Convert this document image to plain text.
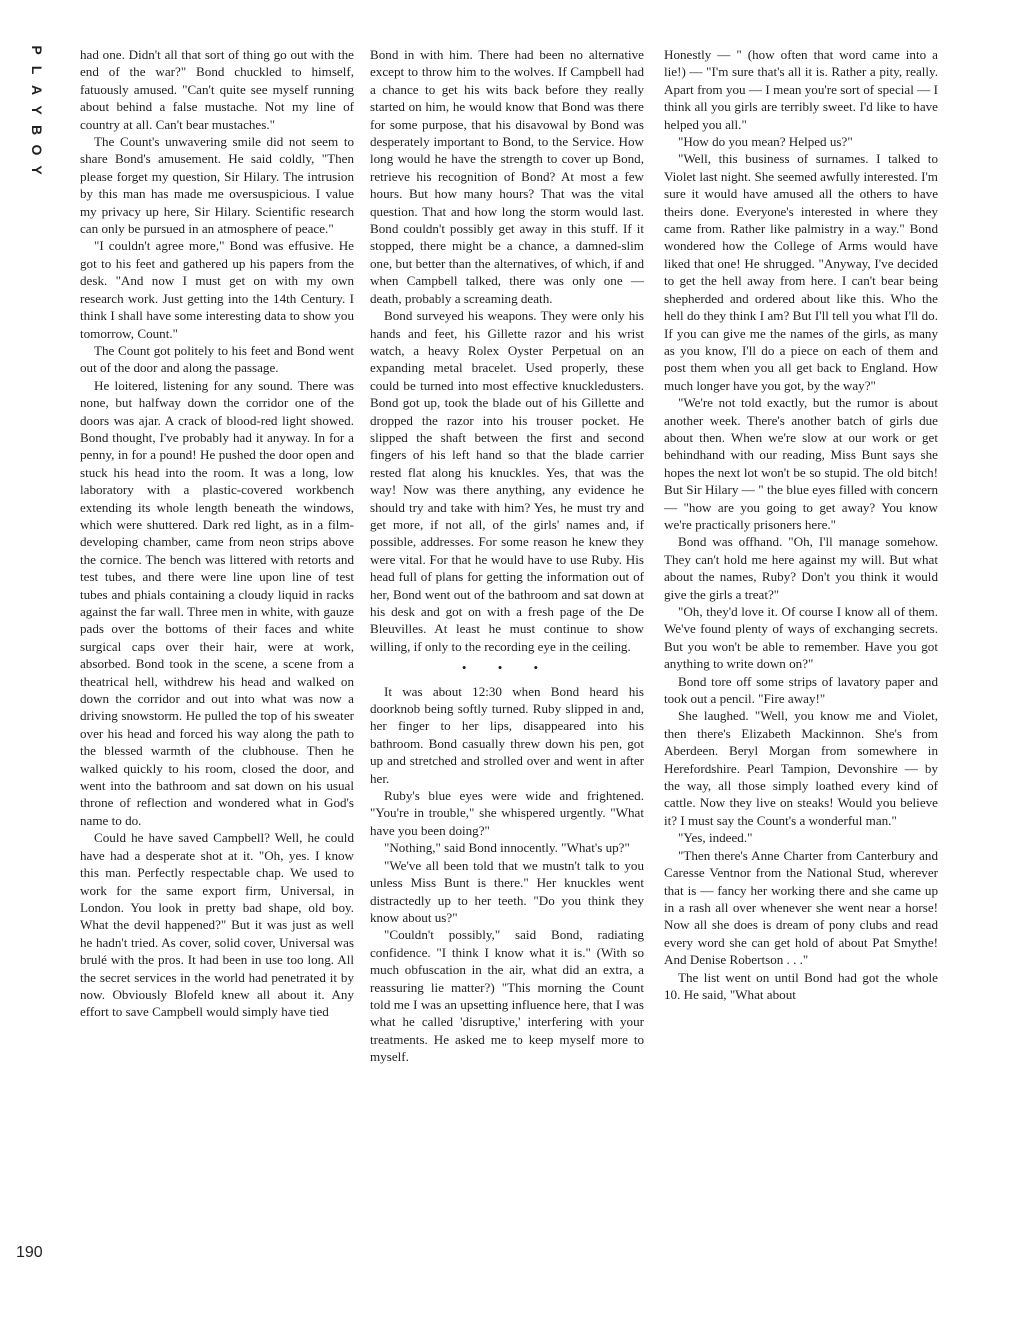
P
L
A
Y
B
O
Y
190

had one. Didn't all that sort of thing go out with the end of the war?" Bond chuckled to himself, fatuously amused. "Can't quite see myself running about behind a false mustache. Not my line of country at all. Can't bear mustaches."

The Count's unwavering smile did not seem to share Bond's amusement. He said coldly, "Then please forget my question, Sir Hilary. The intrusion by this man has made me oversuspicious. I value my privacy up here, Sir Hilary. Scientific research can only be pursued in an atmosphere of peace."

"I couldn't agree more," Bond was effusive. He got to his feet and gathered up his papers from the desk. "And now I must get on with my own research work. Just getting into the 14th Century. I think I shall have some interesting data to show you tomorrow, Count."

The Count got politely to his feet and Bond went out of the door and along the passage.

He loitered, listening for any sound. There was none, but halfway down the corridor one of the doors was ajar. A crack of blood-red light showed. Bond thought, I've probably had it anyway. In for a penny, in for a pound! He pushed the door open and stuck his head into the room. It was a long, low laboratory with a plastic-covered workbench extending its whole length beneath the windows, which were shuttered. Dark red light, as in a film-developing chamber, came from neon strips above the cornice. The bench was littered with retorts and test tubes, and there were line upon line of test tubes and phials containing a cloudy liquid in racks against the far wall. Three men in white, with gauze pads over the bottoms of their faces and white surgical caps over their hair, were at work, absorbed. Bond took in the scene, a scene from a theatrical hell, withdrew his head and walked on down the corridor and out into what was now a driving snowstorm. He pulled the top of his sweater over his head and forced his way along the path to the blessed warmth of the clubhouse. Then he walked quickly to his room, closed the door, and went into the bathroom and sat down on his usual throne of reflection and wondered what in God's name to do.

Could he have saved Campbell? Well, he could have had a desperate shot at it. "Oh, yes. I know this man. Perfectly respectable chap. We used to work for the same export firm, Universal, in London. You look in pretty bad shape, old boy. What the devil happened?" But it was just as well he hadn't tried. As cover, solid cover, Universal was brulé with the pros. It had been in use too long. All the secret services in the world had penetrated it by now. Obviously Blofeld knew all about it. Any effort to save Campbell would simply have tied

Bond in with him. There had been no alternative except to throw him to the wolves. If Campbell had a chance to get his wits back before they really started on him, he would know that Bond was there for some purpose, that his disavowal by Bond was desperately important to Bond, to the Service. How long would he have the strength to cover up Bond, retrieve his recognition of Bond? At most a few hours. But how many hours? That was the vital question. That and how long the storm would last. Bond couldn't possibly get away in this stuff. If it stopped, there might be a chance, a damned-slim one, but better than the alternatives, of which, if and when Campbell talked, there was only one — death, probably a screaming death.

Bond surveyed his weapons. They were only his hands and feet, his Gillette razor and his wrist watch, a heavy Rolex Oyster Perpetual on an expanding metal bracelet. Used properly, these could be turned into most effective knuckledusters. Bond got up, took the blade out of his Gillette and dropped the razor into his trouser pocket. He slipped the shaft between the first and second fingers of his left hand so that the blade carrier rested flat along his knuckles. Yes, that was the way! Now was there anything, any evidence he should try and take with him? Yes, he must try and get more, if not all, of the girls' names and, if possible, addresses. For some reason he knew they were vital. For that he would have to use Ruby. His head full of plans for getting the information out of her, Bond went out of the bathroom and sat down at his desk and got on with a fresh page of the De Bleuvilles. At least he must continue to show willing, if only to the recording eye in the ceiling.

• • •

It was about 12:30 when Bond heard his doorknob being softly turned. Ruby slipped in and, her finger to her lips, disappeared into his bathroom. Bond casually threw down his pen, got up and stretched and strolled over and went in after her.

Ruby's blue eyes were wide and frightened. "You're in trouble," she whispered urgently. "What have you been doing?"

"Nothing," said Bond innocently. "What's up?"

"We've all been told that we mustn't talk to you unless Miss Bunt is there." Her knuckles went distractedly up to her teeth. "Do you think they know about us?"

"Couldn't possibly," said Bond, radiating confidence. "I think I know what it is." (With so much obfuscation in the air, what did an extra, a reassuring lie matter?) "This morning the Count told me I was an upsetting influence here, that I was what he called 'disruptive,' interfering with your treatments. He asked me to keep myself more to myself.

Honestly — " (how often that word came into a lie!) — "I'm sure that's all it is. Rather a pity, really. Apart from you — I mean you're sort of special — I think all you girls are terribly sweet. I'd like to have helped you all."

"How do you mean? Helped us?"

"Well, this business of surnames. I talked to Violet last night. She seemed awfully interested. I'm sure it would have amused all the others to have theirs done. Everyone's interested in where they came from. Rather like palmistry in a way." Bond wondered how the College of Arms would have liked that one! He shrugged. "Anyway, I've decided to get the hell away from here. I can't bear being shepherded and ordered about like this. Who the hell do they think I am? But I'll tell you what I'll do. If you can give me the names of the girls, as many as you know, I'll do a piece on each of them and post them when you all get back to England. How much longer have you got, by the way?"

"We're not told exactly, but the rumor is about another week. There's another batch of girls due about then. When we're slow at our work or get behindhand with our reading, Miss Bunt says she hopes the next lot won't be so stupid. The old bitch! But Sir Hilary — " the blue eyes filled with concern — "how are you going to get away? You know we're practically prisoners here."

Bond was offhand. "Oh, I'll manage somehow. They can't hold me here against my will. But what about the names, Ruby? Don't you think it would give the girls a treat?"

"Oh, they'd love it. Of course I know all of them. We've found plenty of ways of exchanging secrets. But you won't be able to remember. Have you got anything to write down on?"

Bond tore off some strips of lavatory paper and took out a pencil. "Fire away!"

She laughed. "Well, you know me and Violet, then there's Elizabeth Mackinnon. She's from Aberdeen. Beryl Morgan from somewhere in Herefordshire. Pearl Tampion, Devonshire — by the way, all those simply loathed every kind of cattle. Now they live on steaks! Would you believe it? I must say the Count's a wonderful man."

"Yes, indeed."

"Then there's Anne Charter from Canterbury and Caresse Ventnor from the National Stud, wherever that is — fancy her working there and she came up in a rash all over whenever she went near a horse! Now all she does is dream of pony clubs and read every word she can get hold of about Pat Smythe! And Denise Robertson . . ."

The list went on until Bond had got the whole 10. He said, "What about
